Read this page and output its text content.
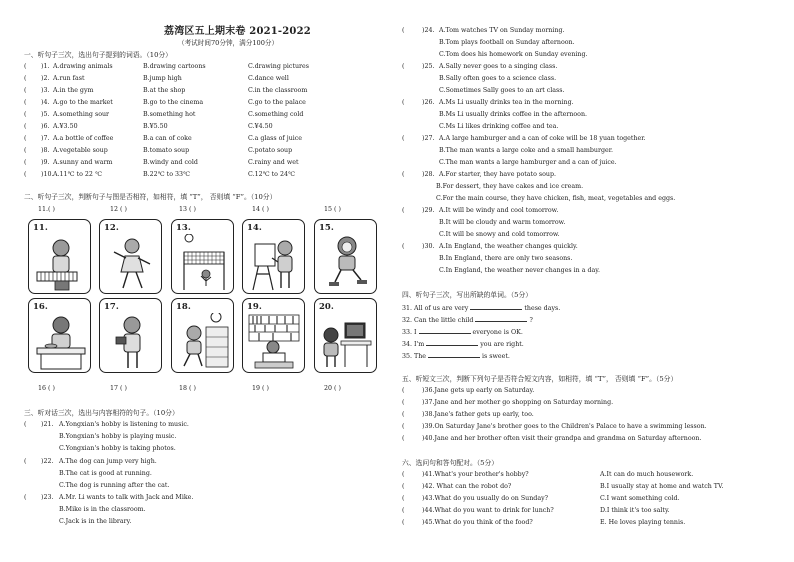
荔湾区五上期末卷 2021-2022
（考试时间70分钟，满分100分）
一、听句子三次，选出句子提到的词语。（10分）
( )1. A.drawing animals	B.drawing cartoons	C.drawing pictures
( )2. A.run fast	B.jump high	C.dance well
( )3. A.in the gym	B.at the shop	C.in the classroom
( )4. A.go to the market	B.go to the cinema	C.go to the palace
( )5. A.something sour	B.something hot	C.something cold
( )6. A.¥3.50	B.¥5.50	C.¥4.50
( )7. A.a bottle of coffee	B.a can of coke	C.a glass of juice
( )8. A.vegetable soup	B.tomato soup	C.potato soup
( )9. A.sunny and warm	B.windy and cold	C.rainy and wet
( )10. A.11℃ to 22 ℃	B.22℃ to 33℃	C.12℃ to 24℃
二、听句子三次，判断句子与图是否相符，如相符，填 “T”， 否则填 “F”。（10分）
11.( )	12 ( )	13 ( )	14 ( )	15 ( )
11.	12.	13.	14.	15.
16.	17.	18.	19.	20.
16 ( )	17 ( )	18 ( )	19 ( )	20 ( )
三、听对话三次，选出与内容相符的句子。（10分）
( )21. A.Yongxian's hobby is listening to music.
B.Yongxian's hobby is playing music.
C.Yongxian's hobby is taking photos.
( )22. A.The dog can jump very high.
B.The cat is good at running.
C.The dog is running after the cat.
( )23. A.Mr. Li wants to talk with Jack and Mike.
B.Mike is in the classroom.
C.Jack is in the library.
(	)24. A.Tom watches TV on Sunday morning.
B.Tom plays football on Sunday afternoon.
C.Tom does his homework on Sunday evening.
(	)25. A.Sally never goes to a singing class.
B.Sally often goes to a science class.
C.Sometimes Sally goes to an art class.
(	)26. A.Ms Li usually drinks tea in the morning.
B.Ms Li usually drinks coffee in the afternoon.
C.Ms Li likes drinking coffee and tea.
(	)27. A.A large hamburger and a can of coke will be 18 yuan together.
B.The man wants a large coke and a small hamburger.
C.The man wants a large hamburger and a can of juice.
(	)28. A.For starter, they have potato soup.
B.For dessert, they have cakes and ice cream.
C.For the main course, they have chicken, fish, meat, vegetables and eggs.
(	)29. A.It will be windy and cool tomorrow.
B.It will be cloudy and warm tomorrow.
C.It will be snowy and cold tomorrow.
(	)30. A.In England, the weather changes quickly.
B.In England, there are only two seasons.
C.In England, the weather never changes in a day.
四、听句子三次，写出所缺的单词。（5分）
31. All of us are very	these days.
32. Can the little child	?
33. I	everyone is OK.
34. I'm	you are right.
35. The	is sweet.
五、听短文三次，判断下列句子是否符合短文内容，如相符，填 “T”， 否则填 “F”。（5分）
(	)36.Jane gets up early on Saturday.
(	)37.Jane and her mother go shopping on Saturday morning.
(	)38.Jane's father gets up early, too.
(	)39.On Saturday Jane's brother goes to the Children's Palace to have a swimming lesson.
(	)40.Jane and her brother often visit their grandpa and grandma on Saturday afternoon.
六、选问句和答句配对。（5分）
(	)41.What's your brother's hobby?	A.It can do much housework.
(	)42. What can the robot do?	B.I usually stay at home and watch TV.
(	)43.What do you usually do on Sunday?	C.I want something cold.
(	)44.What do you want to drink for lunch?	D.I think it's too salty.
(	)45.What do you think of the food?	E. He loves playing tennis.
